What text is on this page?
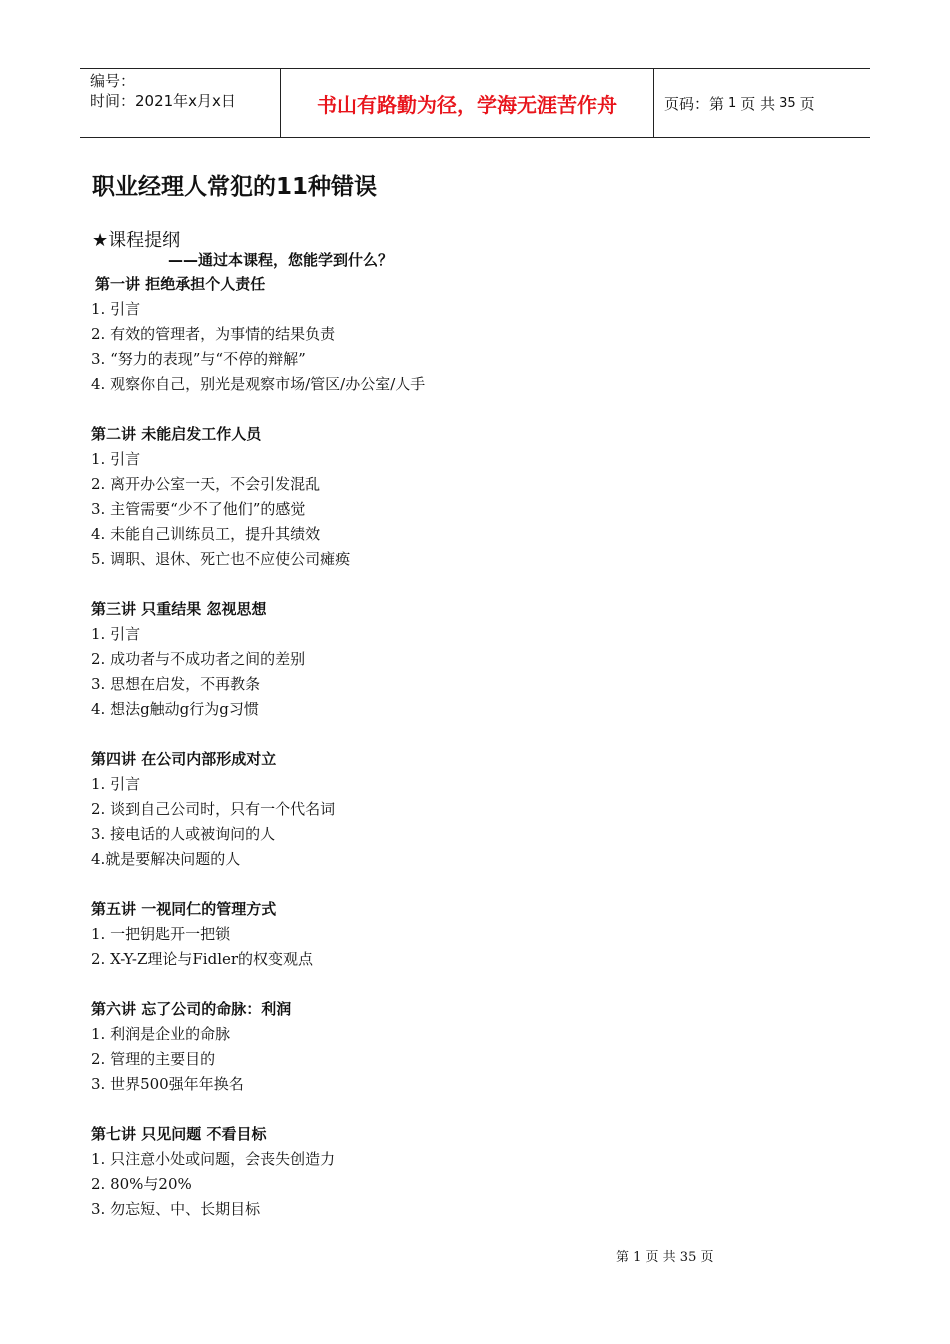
编号：
时间：2021年x月x日	书山有路勤为径，学海无涯苦作舟	页码：第 1 页 共 35 页
职业经理人常犯的11种错误
★课程提纲
——通过本课程，您能学到什么？
第一讲 拒绝承担个人责任
1. 引言
2. 有效的管理者，为事情的结果负责
3. “努力的表现”与“不停的辩解”
4. 观察你自己，别光是观察市场/管区/办公室/人手
第二讲 未能启发工作人员
1. 引言
2. 离开办公室一天，不会引发混乱
3. 主管需要“少不了他们”的感觉
4. 未能自己训练员工，提升其绩效
5. 调职、退休、死亡也不应使公司瘫痪
第三讲 只重结果 忽视思想
1. 引言
2. 成功者与不成功者之间的差别
3. 思想在启发，不再教条
4. 想法g触动g行为g习惯
第四讲 在公司内部形成对立
1. 引言
2. 谈到自己公司时，只有一个代名词
3. 接电话的人或被询问的人
4.就是要解决问题的人
第五讲 一视同仁的管理方式
1. 一把钥匙开一把锁
2. X-Y-Z理论与Fidler的权变观点
第六讲 忘了公司的命脉：利润
1. 利润是企业的命脉
2. 管理的主要目的
3. 世界500强年年换名
第七讲 只见问题 不看目标
1. 只注意小处或问题，会丧失创造力
2. 80%与20%
3. 勿忘短、中、长期目标
第 1 页 共 35 页
